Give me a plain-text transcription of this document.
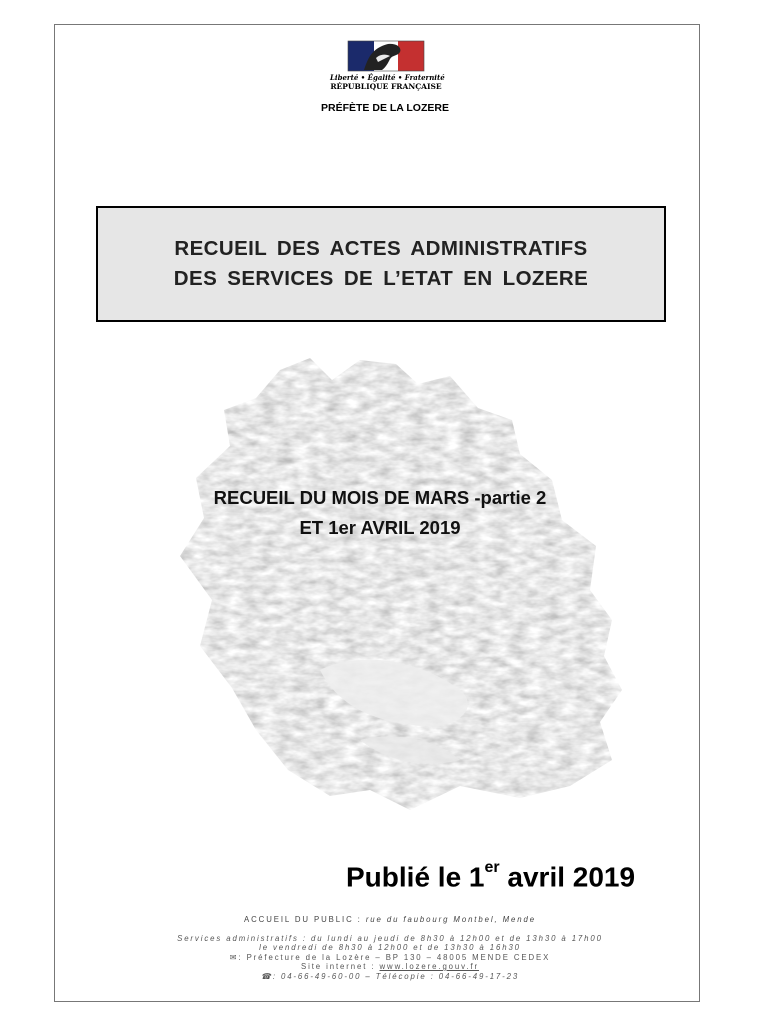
Liberté • Égalité • Fraternité
RÉPUBLIQUE FRANÇAISE
PRÉFÈTE DE LA LOZERE
RECUEIL DES ACTES ADMINISTRATIFS
DES SERVICES DE L’ETAT EN LOZERE
RECUEIL DU MOIS DE MARS -partie 2
ET 1er AVRIL 2019
Publié le 1er avril 2019
ACCUEIL DU PUBLIC : rue du faubourg Montbel, Mende
Services administratifs : du lundi au jeudi de 8h30 à 12h00 et de 13h30 à 17h00
le vendredi de 8h30 à 12h00 et de 13h30 à 16h30
✉ : Préfecture de la Lozère – BP 130 – 48005 MENDE CEDEX
Site internet : www.lozere.gouv.fr
☎ : 04-66-49-60-00 – Télécopie : 04-66-49-17-23
